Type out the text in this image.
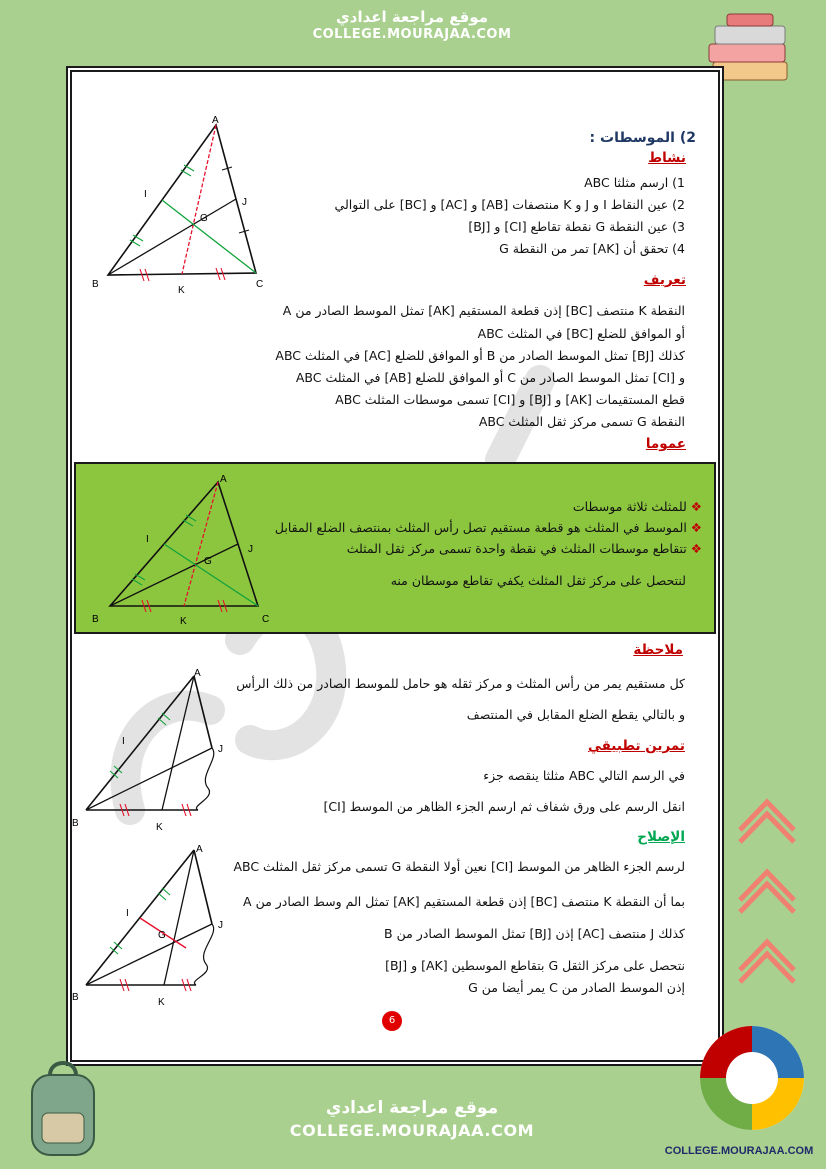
موقع مراجعة اعدادي
COLLEGE.MOURAJAA.COM
2) الموسطات :
نشاط
1) ارسم مثلثا ABC
2) عين النقاط I و J و K منتصفات [AB] و [AC] و [BC] على التوالي
3) عين النقطة G نقطة تقاطع [CI] و [BJ]
4) تحقق أن [AK] تمر من النقطة G
A
B	C
I
J
K
G
تعريف
النقطة K منتصف [BC] إذن قطعة المستقيم [AK] تمثل الموسط الصادر من A
أو الموافق للضلع [BC] في المثلث ABC
كذلك [BJ] تمثل الموسط الصادر من B أو الموافق للضلع [AC] في المثلث ABC
و [CI] تمثل الموسط الصادر من C أو الموافق للضلع [AB] في المثلث ABC
قطع المستقيمات [AK] و [BJ] و [CI] تسمى موسطات المثلث ABC
النقطة G تسمى مركز ثقل المثلث ABC
عموما
A
B	C
I
J
K
G
❖ للمثلث ثلاثة موسطات
❖ الموسط في المثلث هو قطعة مستقيم تصل رأس المثلث بمنتصف الضلع المقابل
❖ تتقاطع موسطات المثلث في نقطة واحدة تسمى مركز ثقل المثلث
لنتحصل على مركز ثقل المثلث يكفي تقاطع موسطان منه
ملاحظة
كل مستقيم يمر من رأس المثلث و مركز ثقله هو حامل للموسط الصادر من ذلك الرأس
و بالتالي يقطع الضلع المقابل في المنتصف
A
B
I
J
K
تمرين تطبيقي
في الرسم التالي ABC مثلثا ينقصه جزء
انقل الرسم على ورق شفاف ثم ارسم الجزء الظاهر من الموسط [CI]
الإصلاح
لرسم الجزء الظاهر من الموسط [CI] نعين أولا النقطة G تسمى مركز ثقل المثلث ABC
بما أن النقطة K منتصف [BC] إذن قطعة المستقيم [AK] تمثل الم وسط الصادر من A
كذلك J منتصف [AC] إذن [BJ] تمثل الموسط الصادر من B
نتحصل على مركز الثقل G بتقاطع الموسطين [AK] و [BJ]
إذن الموسط الصادر من C يمر أيضا من G
A
B
I
J
K
G
6
COLLEGE.MOURAJAA.COM
موقع مراجعة اعدادي
COLLEGE.MOURAJAA.COM
